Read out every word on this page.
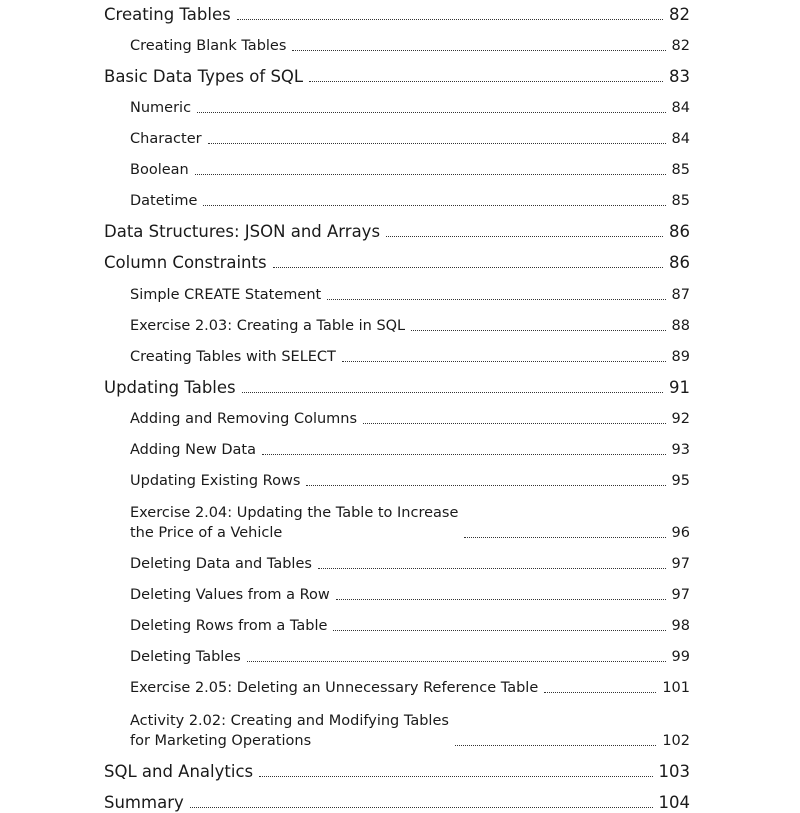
Creating Tables	82
Creating Blank Tables	82
Basic Data Types of SQL	83
Numeric	84
Character	84
Boolean	85
Datetime	85
Data Structures: JSON and Arrays	86
Column Constraints	86
Simple CREATE Statement	87
Exercise 2.03: Creating a Table in SQL	88
Creating Tables with SELECT	89
Updating Tables	91
Adding and Removing Columns	92
Adding New Data	93
Updating Existing Rows	95
Exercise 2.04: Updating the Table to Increase
the Price of a Vehicle	96
Deleting Data and Tables	97
Deleting Values from a Row	97
Deleting Rows from a Table	98
Deleting Tables	99
Exercise 2.05: Deleting an Unnecessary Reference Table	101
Activity 2.02: Creating and Modifying Tables
for Marketing Operations	102
SQL and Analytics	103
Summary	104
